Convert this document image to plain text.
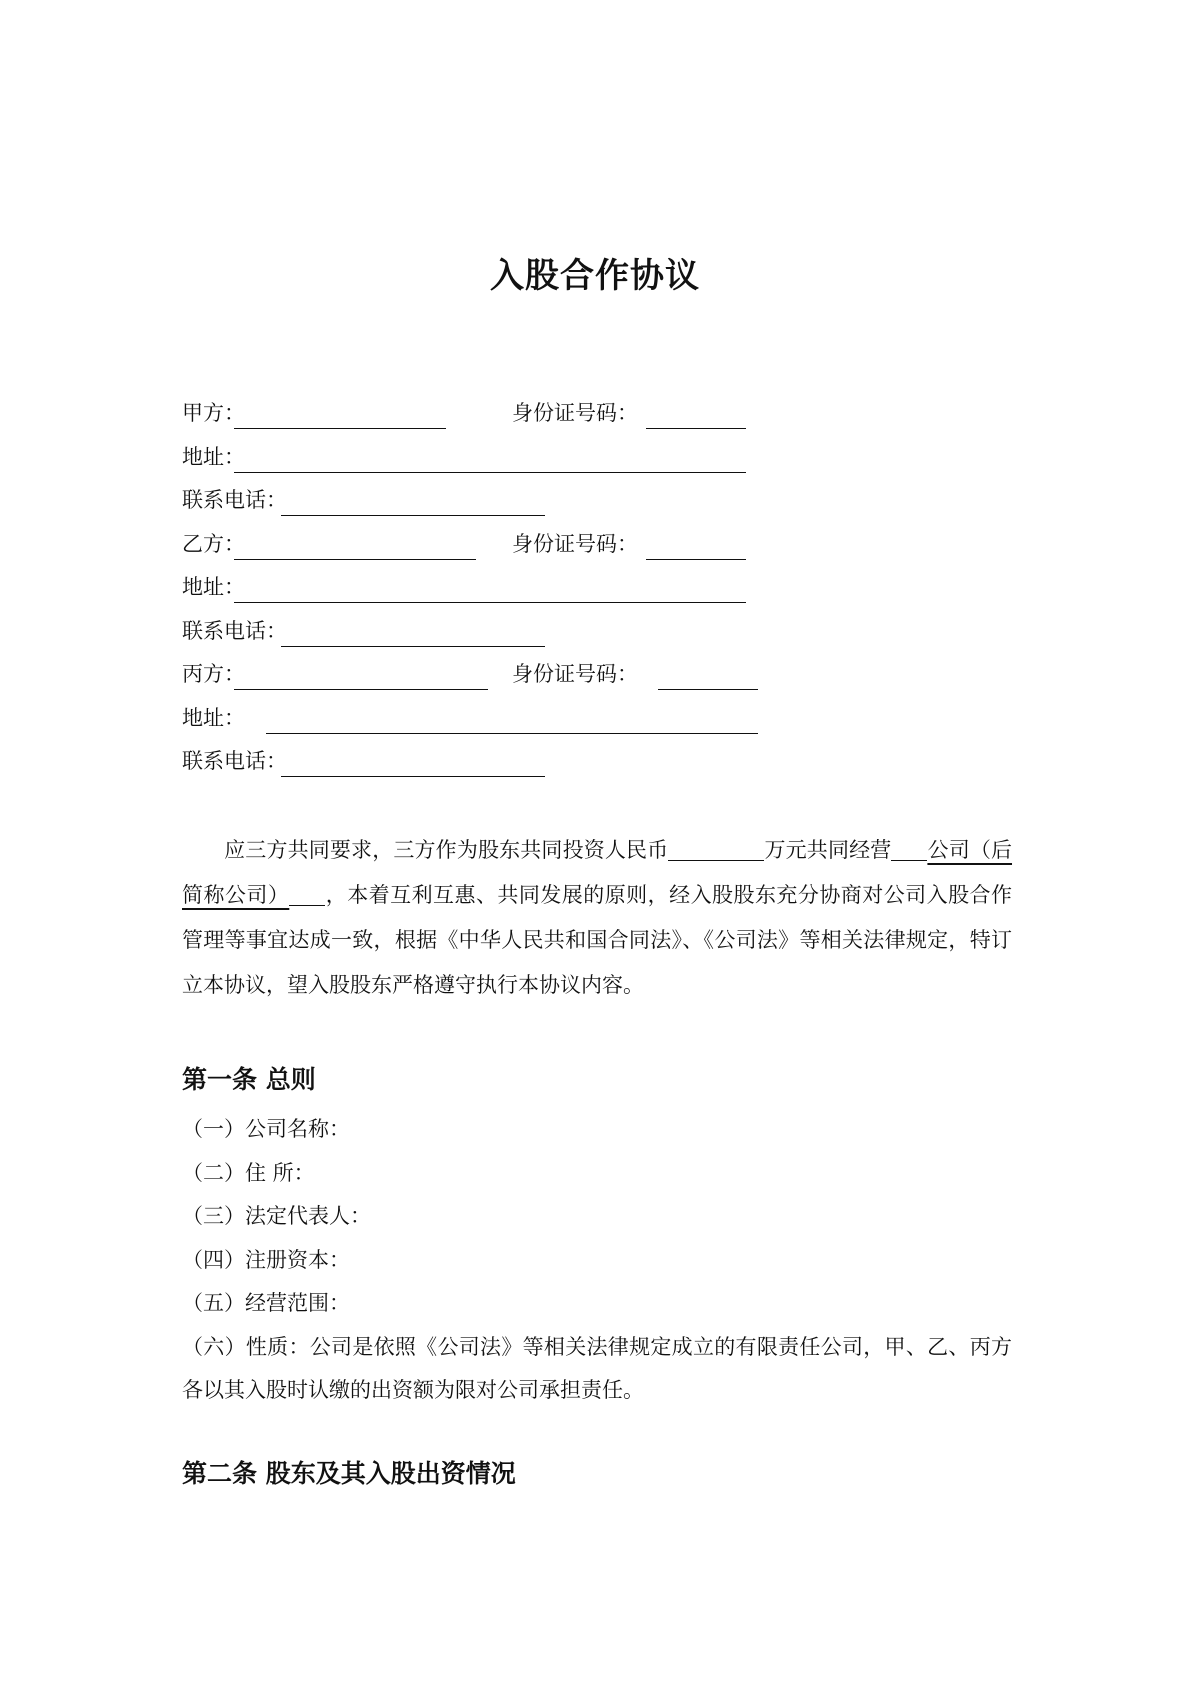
入股合作协议
甲方：	身份证号码：
地址：
联系电话：
乙方：	身份证号码：
地址：
联系电话：
丙方：	身份证号码：
地址：
联系电话：
应三方共同要求，三方作为股东共同投资人民币	万元共同经营 公司（后简称公司） ，本着互利互惠、共同发展的原则，经入股股东充分协商对公司入股合作管理等事宜达成一致，根据《中华人民共和国合同法》、《公司法》等相关法律规定，特订立本协议，望入股股东严格遵守执行本协议内容。
第一条 总则
（一）公司名称：
（二）住 所：
（三）法定代表人：
（四）注册资本：
（五）经营范围：
（六）性质：公司是依照《公司法》等相关法律规定成立的有限责任公司，甲、乙、丙方各以其入股时认缴的出资额为限对公司承担责任。
第二条 股东及其入股出资情况
